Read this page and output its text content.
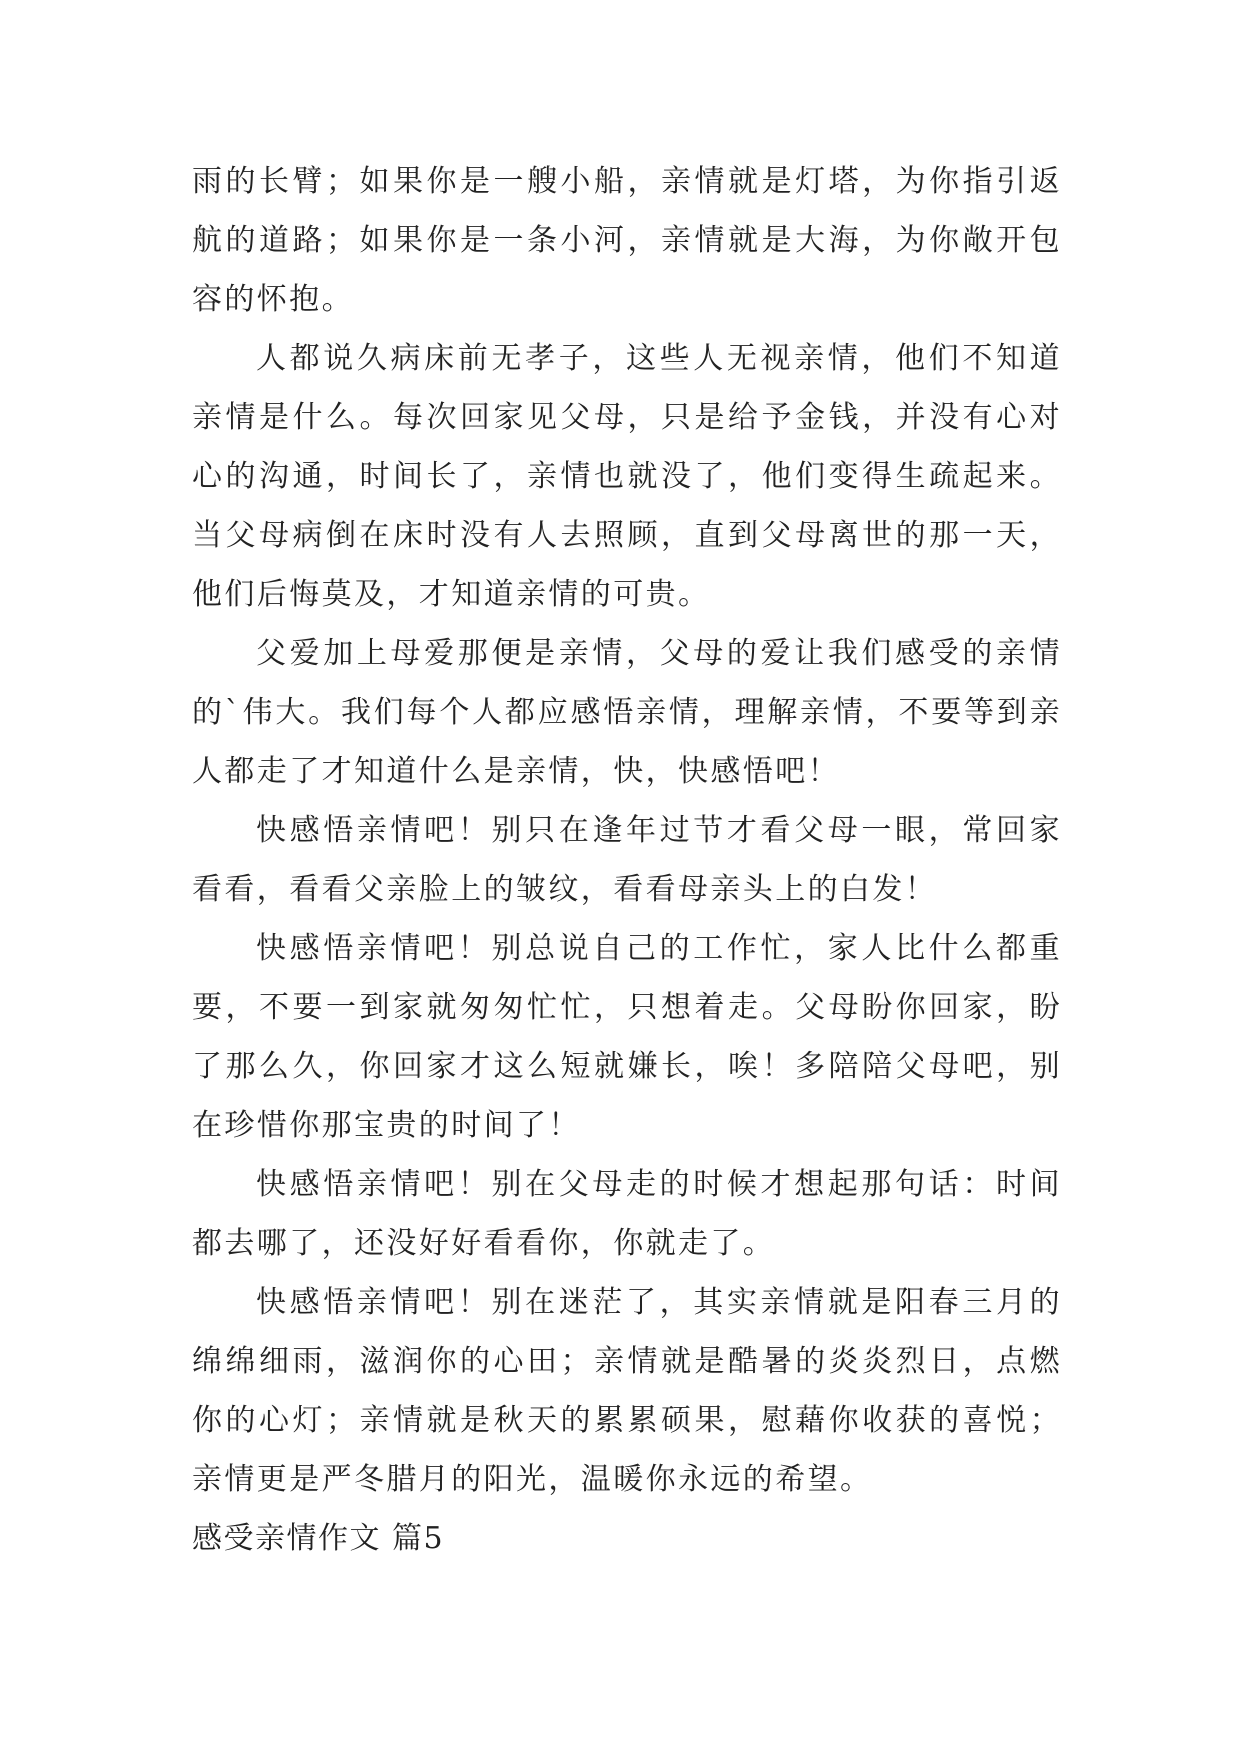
雨的长臂；如果你是一艘小船，亲情就是灯塔，为你指引返航的道路；如果你是一条小河，亲情就是大海，为你敞开包容的怀抱。

人都说久病床前无孝子，这些人无视亲情，他们不知道亲情是什么。每次回家见父母，只是给予金钱，并没有心对心的沟通，时间长了，亲情也就没了，他们变得生疏起来。当父母病倒在床时没有人去照顾，直到父母离世的那一天，他们后悔莫及，才知道亲情的可贵。

父爱加上母爱那便是亲情，父母的爱让我们感受的亲情的`伟大。我们每个人都应感悟亲情，理解亲情，不要等到亲人都走了才知道什么是亲情，快，快感悟吧！

快感悟亲情吧！别只在逢年过节才看父母一眼，常回家看看，看看父亲脸上的皱纹，看看母亲头上的白发！

快感悟亲情吧！别总说自己的工作忙，家人比什么都重要，不要一到家就匆匆忙忙，只想着走。父母盼你回家，盼了那么久，你回家才这么短就嫌长，唉！多陪陪父母吧，别在珍惜你那宝贵的时间了！

快感悟亲情吧！别在父母走的时候才想起那句话：时间都去哪了，还没好好看看你，你就走了。

快感悟亲情吧！别在迷茫了，其实亲情就是阳春三月的绵绵细雨，滋润你的心田；亲情就是酷暑的炎炎烈日，点燃你的心灯；亲情就是秋天的累累硕果，慰藉你收获的喜悦；亲情更是严冬腊月的阳光，温暖你永远的希望。

感受亲情作文 篇5
